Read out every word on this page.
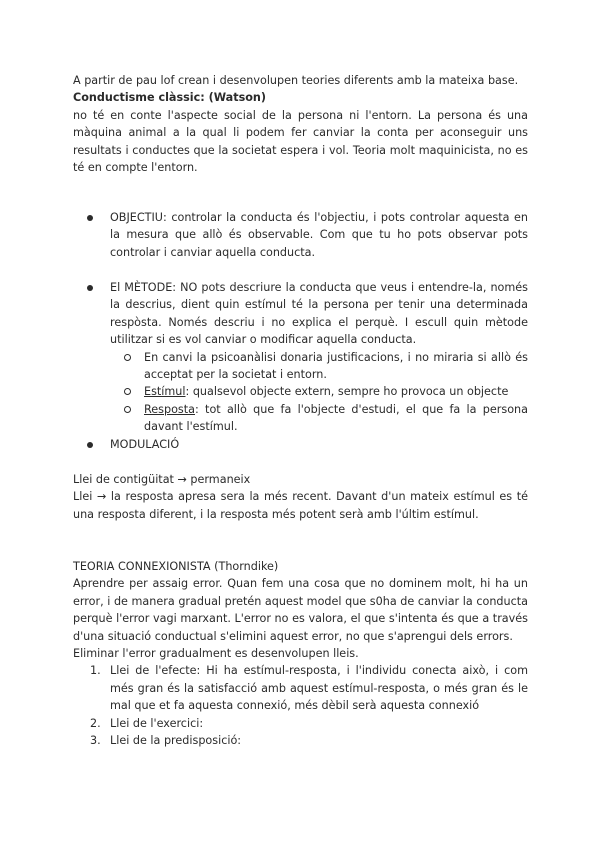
A partir de pau lof crean i desenvolupen teories diferents amb la mateixa base.

Conductisme clàssic: (Watson)

no té en conte l'aspecte social de la persona ni l'entorn. La persona és una màquina animal a la qual li podem fer canviar la conta per aconseguir uns resultats i conductes que la societat espera i vol. Teoria molt maquinicista, no es té en compte l'entorn.

OBJECTIU: controlar la conducta és l'objectiu, i pots controlar aquesta en la mesura que allò és observable. Com que tu ho pots observar pots controlar i canviar aquella conducta.
El MÈTODE: NO pots descriure la conducta que veus i entendre-la, només la descrius, dient quin estímul té la persona per tenir una determinada respòsta. Només descriu i no explica el perquè. I escull quin mètode utilitzar si es vol canviar o modificar aquella conducta.
En canvi la psicoanàlisi donaria justificacions, i no miraria si allò és acceptat per la societat i entorn.
Estímul: qualsevol objecte extern, sempre ho provoca un objecte
Resposta: tot allò que fa l'objecte d'estudi, el que fa la persona davant l'estímul.
MODULACIÓ

Llei de contigüitat → permaneix

Llei → la resposta apresa sera la més recent. Davant d'un mateix estímul es té una resposta diferent, i la resposta més potent serà amb l'últim estímul.

TEORIA CONNEXIONISTA (Thorndike)

Aprendre per assaig error. Quan fem una cosa que no dominem molt, hi ha un error, i de manera gradual pretén aquest model que s0ha de canviar la conducta perquè l'error vagi marxant. L'error no es valora, el que s'intenta és que a través d'una situació conductual s'elimini aquest error, no que s'aprengui dels errors.

Eliminar l'error gradualment es desenvolupen lleis.

1. Llei de l'efecte: Hi ha estímul-resposta, i l'individu conecta això, i com més gran és la satisfacció amb aquest estímul-resposta, o més gran és le mal que et fa aquesta connexió, més dèbil serà aquesta connexió
2. Llei de l'exercici:
3. Llei de la predisposició:
